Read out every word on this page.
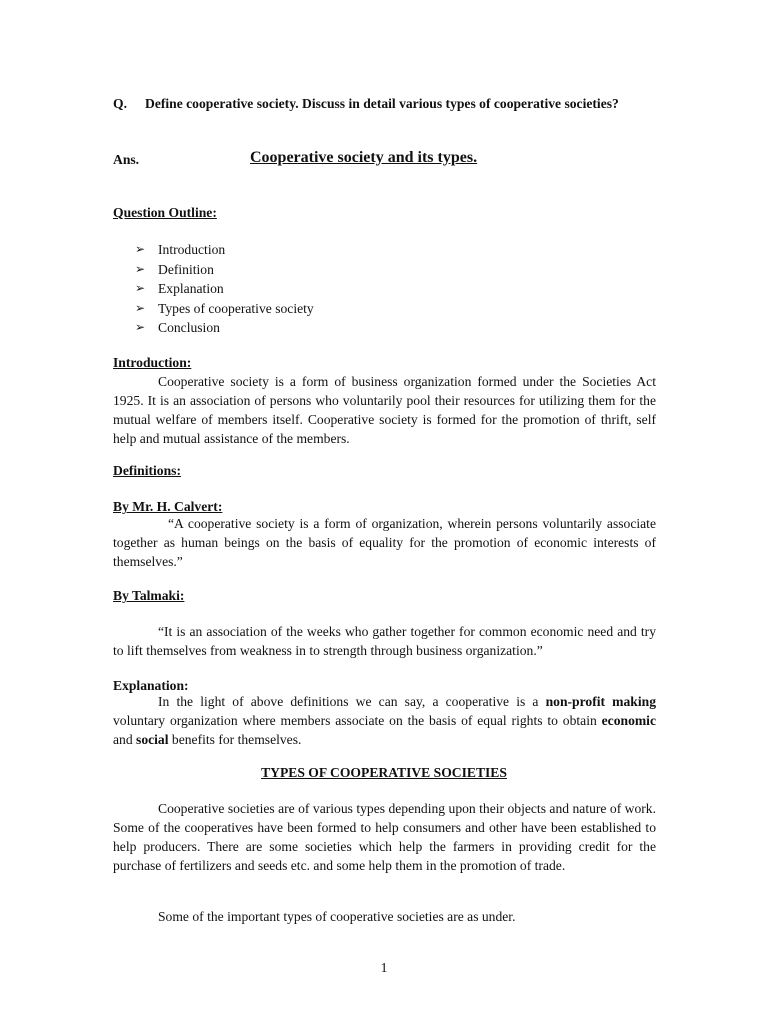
Q. Define cooperative society. Discuss in detail various types of cooperative societies?
Ans.	Cooperative society and its types.
Question Outline:
➢ Introduction
➢ Definition
➢ Explanation
➢ Types of cooperative society
➢ Conclusion
Introduction:
Cooperative society is a form of business organization formed under the Societies Act 1925. It is an association of persons who voluntarily pool their resources for utilizing them for the mutual welfare of members itself. Cooperative society is formed for the promotion of thrift, self help and mutual assistance of the members.
Definitions:
By Mr. H. Calvert:
“A cooperative society is a form of organization, wherein persons voluntarily associate together as human beings on the basis of equality for the promotion of economic interests of themselves.”
By Talmaki:
“It is an association of the weeks who gather together for common economic need and try to lift themselves from weakness in to strength through business organization.”
Explanation:
In the light of above definitions we can say, a cooperative is a non-profit making voluntary organization where members associate on the basis of equal rights to obtain economic and social benefits for themselves.
TYPES OF COOPERATIVE SOCIETIES
Cooperative societies are of various types depending upon their objects and nature of work. Some of the cooperatives have been formed to help consumers and other have been established to help producers. There are some societies which help the farmers in providing credit for the purchase of fertilizers and seeds etc. and some help them in the promotion of trade.
Some of the important types of cooperative societies are as under.
1
